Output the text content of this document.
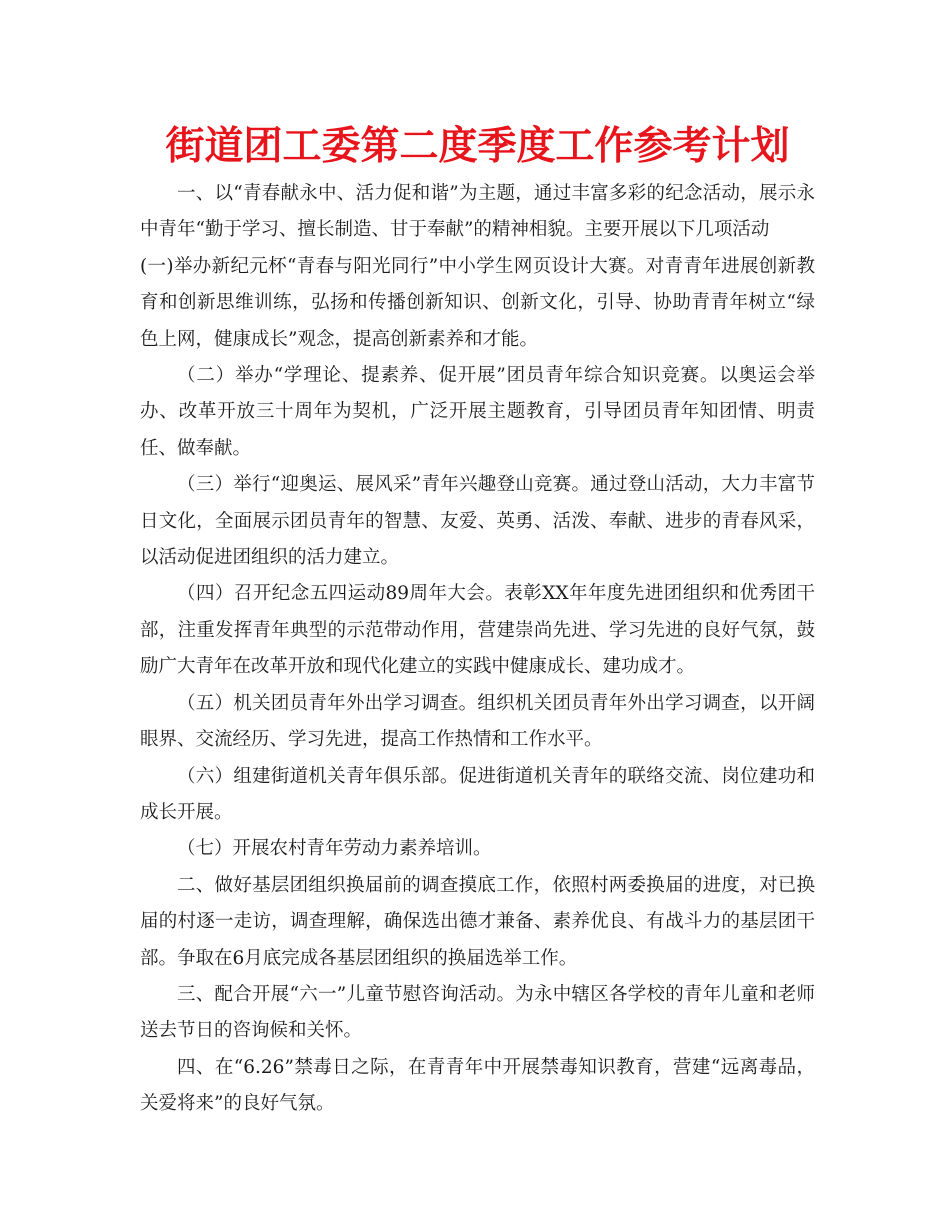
街道团工委第二度季度工作参考计划

一、以“青春献永中、活力促和谐”为主题，通过丰富多彩的纪念活动，展示永中青年“勤于学习、擅长制造、甘于奉献”的精神相貌。主要开展以下几项活动

(一)举办新纪元杯“青春与阳光同行”中小学生网页设计大赛。对青青年进展创新教育和创新思维训练，弘扬和传播创新知识、创新文化，引导、协助青青年树立“绿色上网，健康成长”观念，提高创新素养和才能。

（二）举办“学理论、提素养、促开展”团员青年综合知识竞赛。以奥运会举办、改革开放三十周年为契机，广泛开展主题教育，引导团员青年知团情、明责任、做奉献。

（三）举行“迎奥运、展风采”青年兴趣登山竞赛。通过登山活动，大力丰富节日文化，全面展示团员青年的智慧、友爱、英勇、活泼、奉献、进步的青春风采，以活动促进团组织的活力建立。

（四）召开纪念五四运动89周年大会。表彰XX年年度先进团组织和优秀团干部，注重发挥青年典型的示范带动作用，营建崇尚先进、学习先进的良好气氛，鼓励广大青年在改革开放和现代化建立的实践中健康成长、建功成才。

（五）机关团员青年外出学习调查。组织机关团员青年外出学习调查，以开阔眼界、交流经历、学习先进，提高工作热情和工作水平。

（六）组建街道机关青年俱乐部。促进街道机关青年的联络交流、岗位建功和成长开展。

（七）开展农村青年劳动力素养培训。

二、做好基层团组织换届前的调查摸底工作，依照村两委换届的进度，对已换届的村逐一走访，调查理解，确保选出德才兼备、素养优良、有战斗力的基层团干部。争取在6月底完成各基层团组织的换届选举工作。

三、配合开展“六一”儿童节慰咨询活动。为永中辖区各学校的青年儿童和老师送去节日的咨询候和关怀。

四、在“6.26”禁毒日之际，在青青年中开展禁毒知识教育，营建“远离毒品，关爱将来”的良好气氛。
